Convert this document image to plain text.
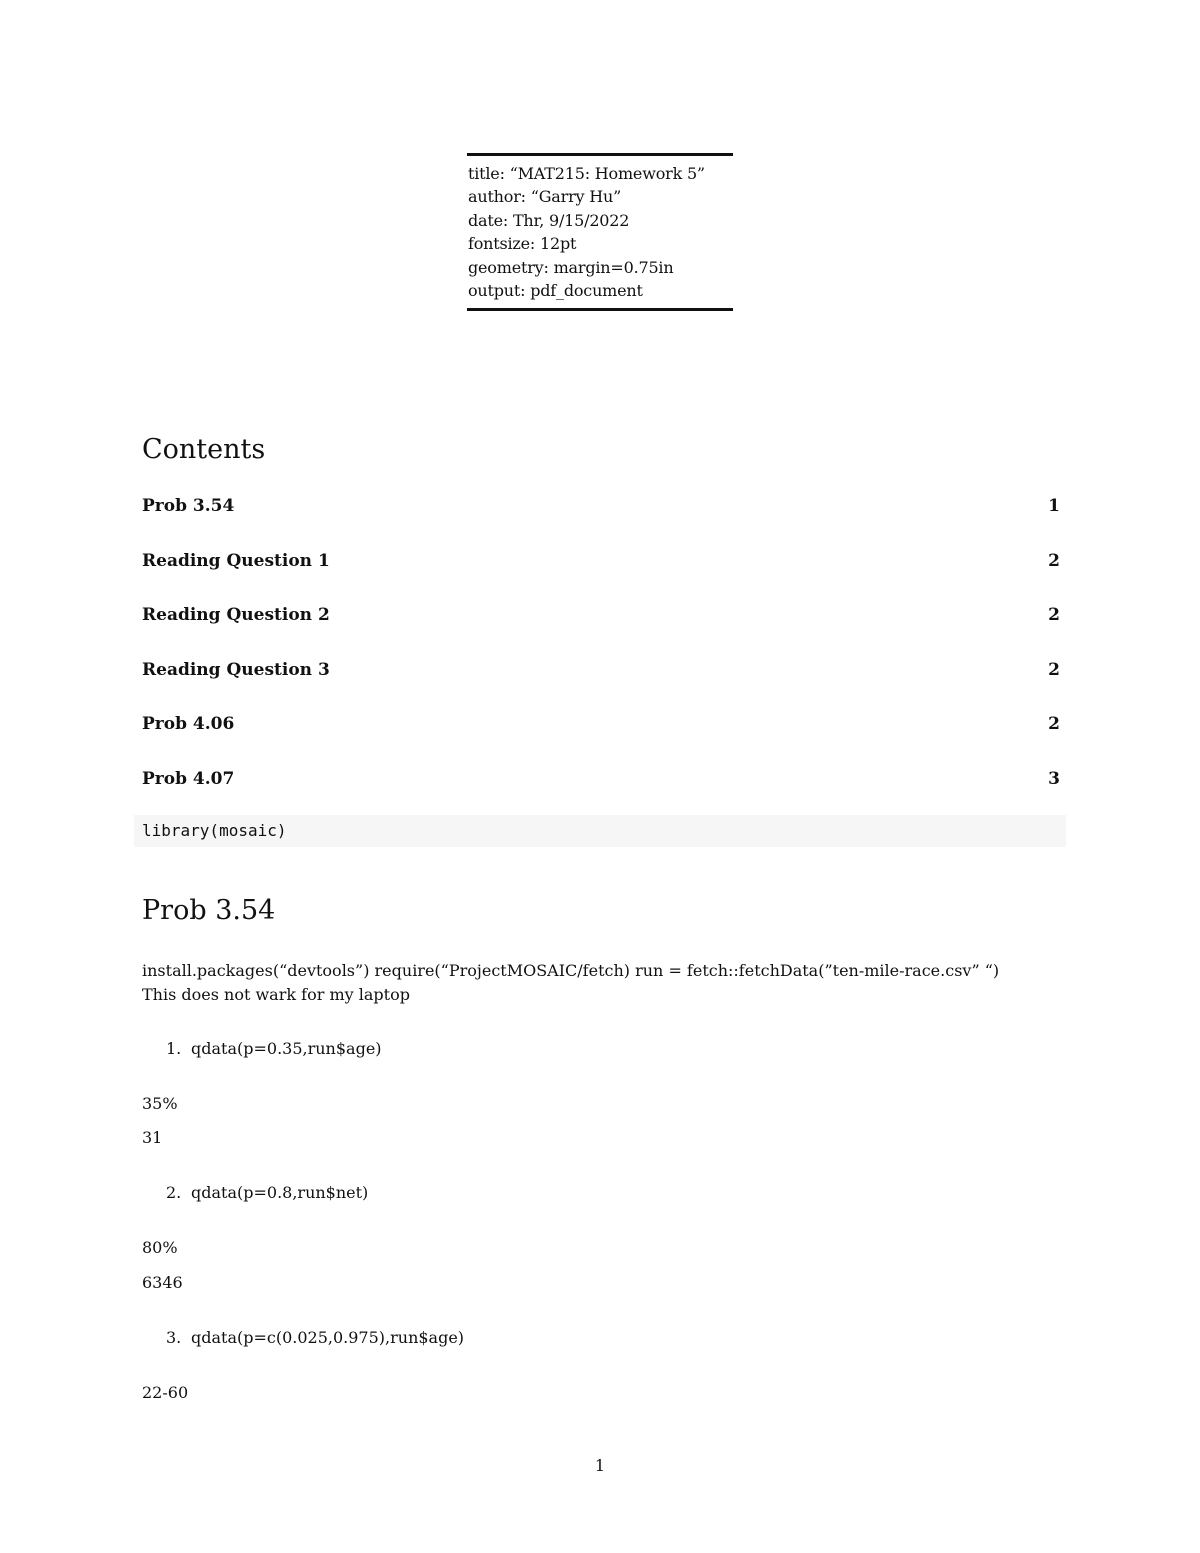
title: “MAT215: Homework 5”
author: “Garry Hu”
date: Thr, 9/15/2022
fontsize: 12pt
geometry: margin=0.75in
output: pdf_document
Contents
Prob 3.54	1
Reading Question 1	2
Reading Question 2	2
Reading Question 3	2
Prob 4.06	2
Prob 4.07	3
library(mosaic)
Prob 3.54
install.packages(“devtools”) require(“ProjectMOSAIC/fetch) run = fetch::fetchData(”ten-mile-race.csv” “)
This does not wark for my laptop
1. qdata(p=0.35,run$age)
35%
31
2. qdata(p=0.8,run$net)
80%
6346
3. qdata(p=c(0.025,0.975),run$age)
22-60
1
